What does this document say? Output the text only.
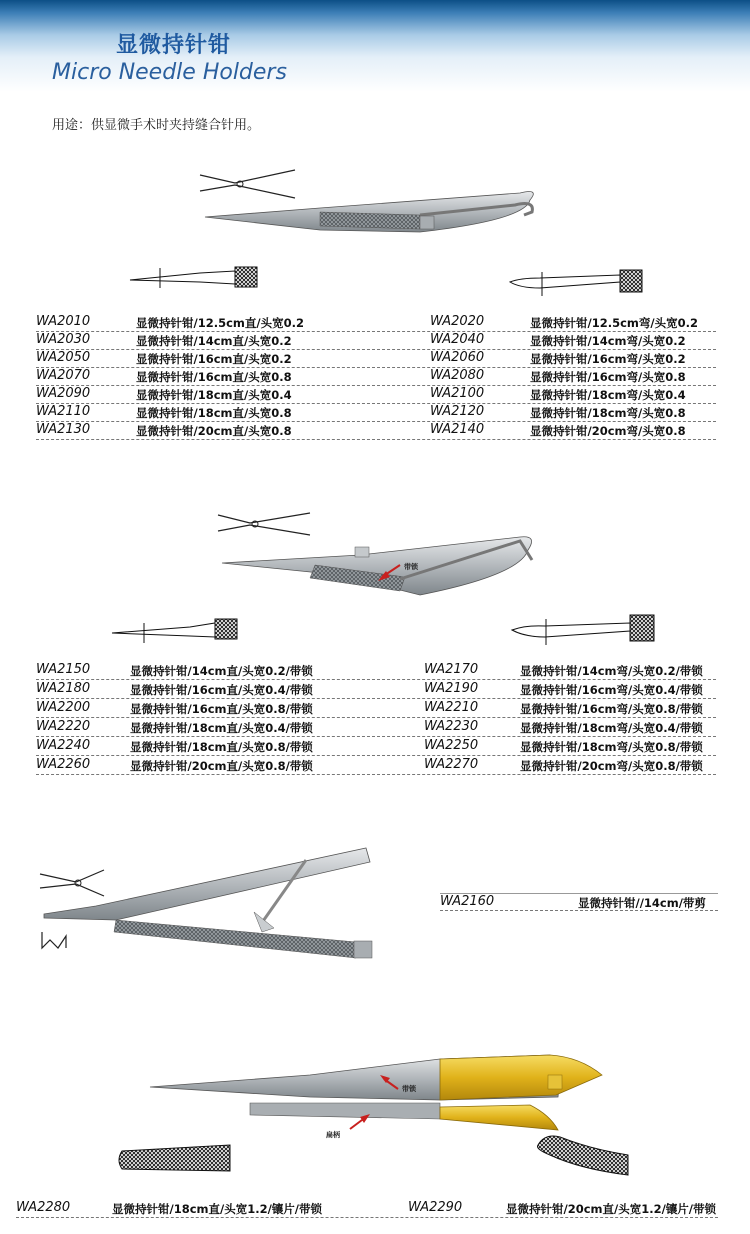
显微持针钳
Micro Needle Holders
用途：供显微手术时夹持缝合针用。
WA2010	显微持针钳/12.5cm直/头宽0.2	WA2020	显微持针钳/12.5cm弯/头宽0.2
WA2030	显微持针钳/14cm直/头宽0.2	WA2040	显微持针钳/14cm弯/头宽0.2
WA2050	显微持针钳/16cm直/头宽0.2	WA2060	显微持针钳/16cm弯/头宽0.2
WA2070	显微持针钳/16cm直/头宽0.8	WA2080	显微持针钳/16cm弯/头宽0.8
WA2090	显微持针钳/18cm直/头宽0.4	WA2100	显微持针钳/18cm弯/头宽0.4
WA2110	显微持针钳/18cm直/头宽0.8	WA2120	显微持针钳/18cm弯/头宽0.8
WA2130	显微持针钳/20cm直/头宽0.8	WA2140	显微持针钳/20cm弯/头宽0.8
带锁
WA2150	显微持针钳/14cm直/头宽0.2/带锁	WA2170	显微持针钳/14cm弯/头宽0.2/带锁
WA2180	显微持针钳/16cm直/头宽0.4/带锁	WA2190	显微持针钳/16cm弯/头宽0.4/带锁
WA2200	显微持针钳/16cm直/头宽0.8/带锁	WA2210	显微持针钳/16cm弯/头宽0.8/带锁
WA2220	显微持针钳/18cm直/头宽0.4/带锁	WA2230	显微持针钳/18cm弯/头宽0.4/带锁
WA2240	显微持针钳/18cm直/头宽0.8/带锁	WA2250	显微持针钳/18cm弯/头宽0.8/带锁
WA2260	显微持针钳/20cm直/头宽0.8/带锁	WA2270	显微持针钳/20cm弯/头宽0.8/带锁
WA2160	显微持针钳//14cm/带剪
带锁
扁柄
WA2280	显微持针钳/18cm直/头宽1.2/镶片/带锁	WA2290	显微持针钳/20cm直/头宽1.2/镶片/带锁
